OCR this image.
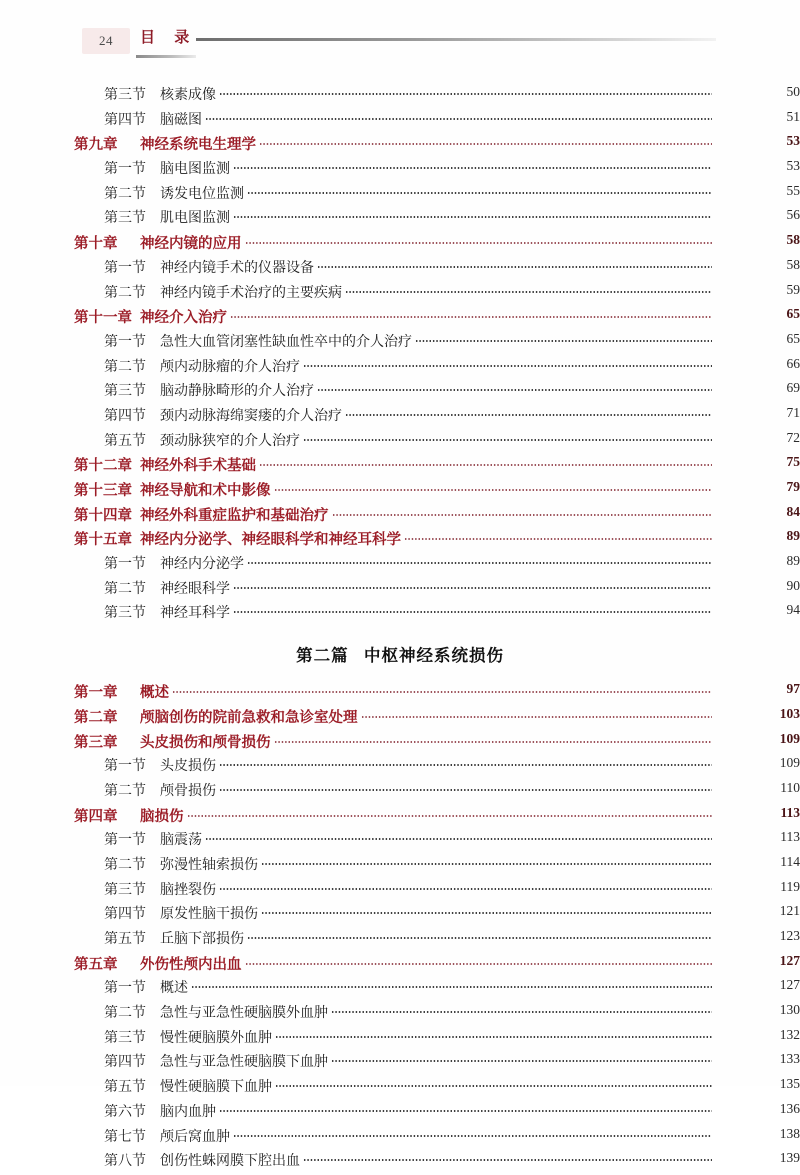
24	目   录
第三节	核素成像	50
第四节	脑磁图	51
第九章	神经系统电生理学	53
第一节	脑电图监测	53
第二节	诱发电位监测	55
第三节	肌电图监测	56
第十章	神经内镜的应用	58
第一节	神经内镜手术的仪器设备	58
第二节	神经内镜手术治疗的主要疾病	59
第十一章 神经介入治疗	65
第一节	急性大血管闭塞性缺血性卒中的介人治疗	65
第二节	颅内动脉瘤的介人治疗	66
第三节	脑动静脉畸形的介人治疗	69
第四节	颈内动脉海绵窦瘘的介人治疗	71
第五节	颈动脉狭窄的介人治疗	72
第十二章 神经外科手术基础	75
第十三章 神经导航和术中影像	79
第十四章 神经外科重症监护和基础治疗	84
第十五章 神经内分泌学、神经眼科学和神经耳科学	89
第一节	神经内分泌学	89
第二节	神经眼科学	90
第三节	神经耳科学	94
第二篇   中枢神经系统损伤
第一章	概述	97
第二章	颅脑创伤的院前急救和急诊室处理	103
第三章	头皮损伤和颅骨损伤	109
第一节	头皮损伤	109
第二节	颅骨损伤	110
第四章	脑损伤	113
第一节	脑震荡	113
第二节	弥漫性轴索损伤	114
第三节	脑挫裂伤	119
第四节	原发性脑干损伤	121
第五节	丘脑下部损伤	123
第五章	外伤性颅内出血	127
第一节	概述	127
第二节	急性与亚急性硬脑膜外血肿	130
第三节	慢性硬脑膜外血肿	132
第四节	急性与亚急性硬脑膜下血肿	133
第五节	慢性硬脑膜下血肿	135
第六节	脑内血肿	136
第七节	颅后窝血肿	138
第八节	创伤性蛛网膜下腔出血	139
